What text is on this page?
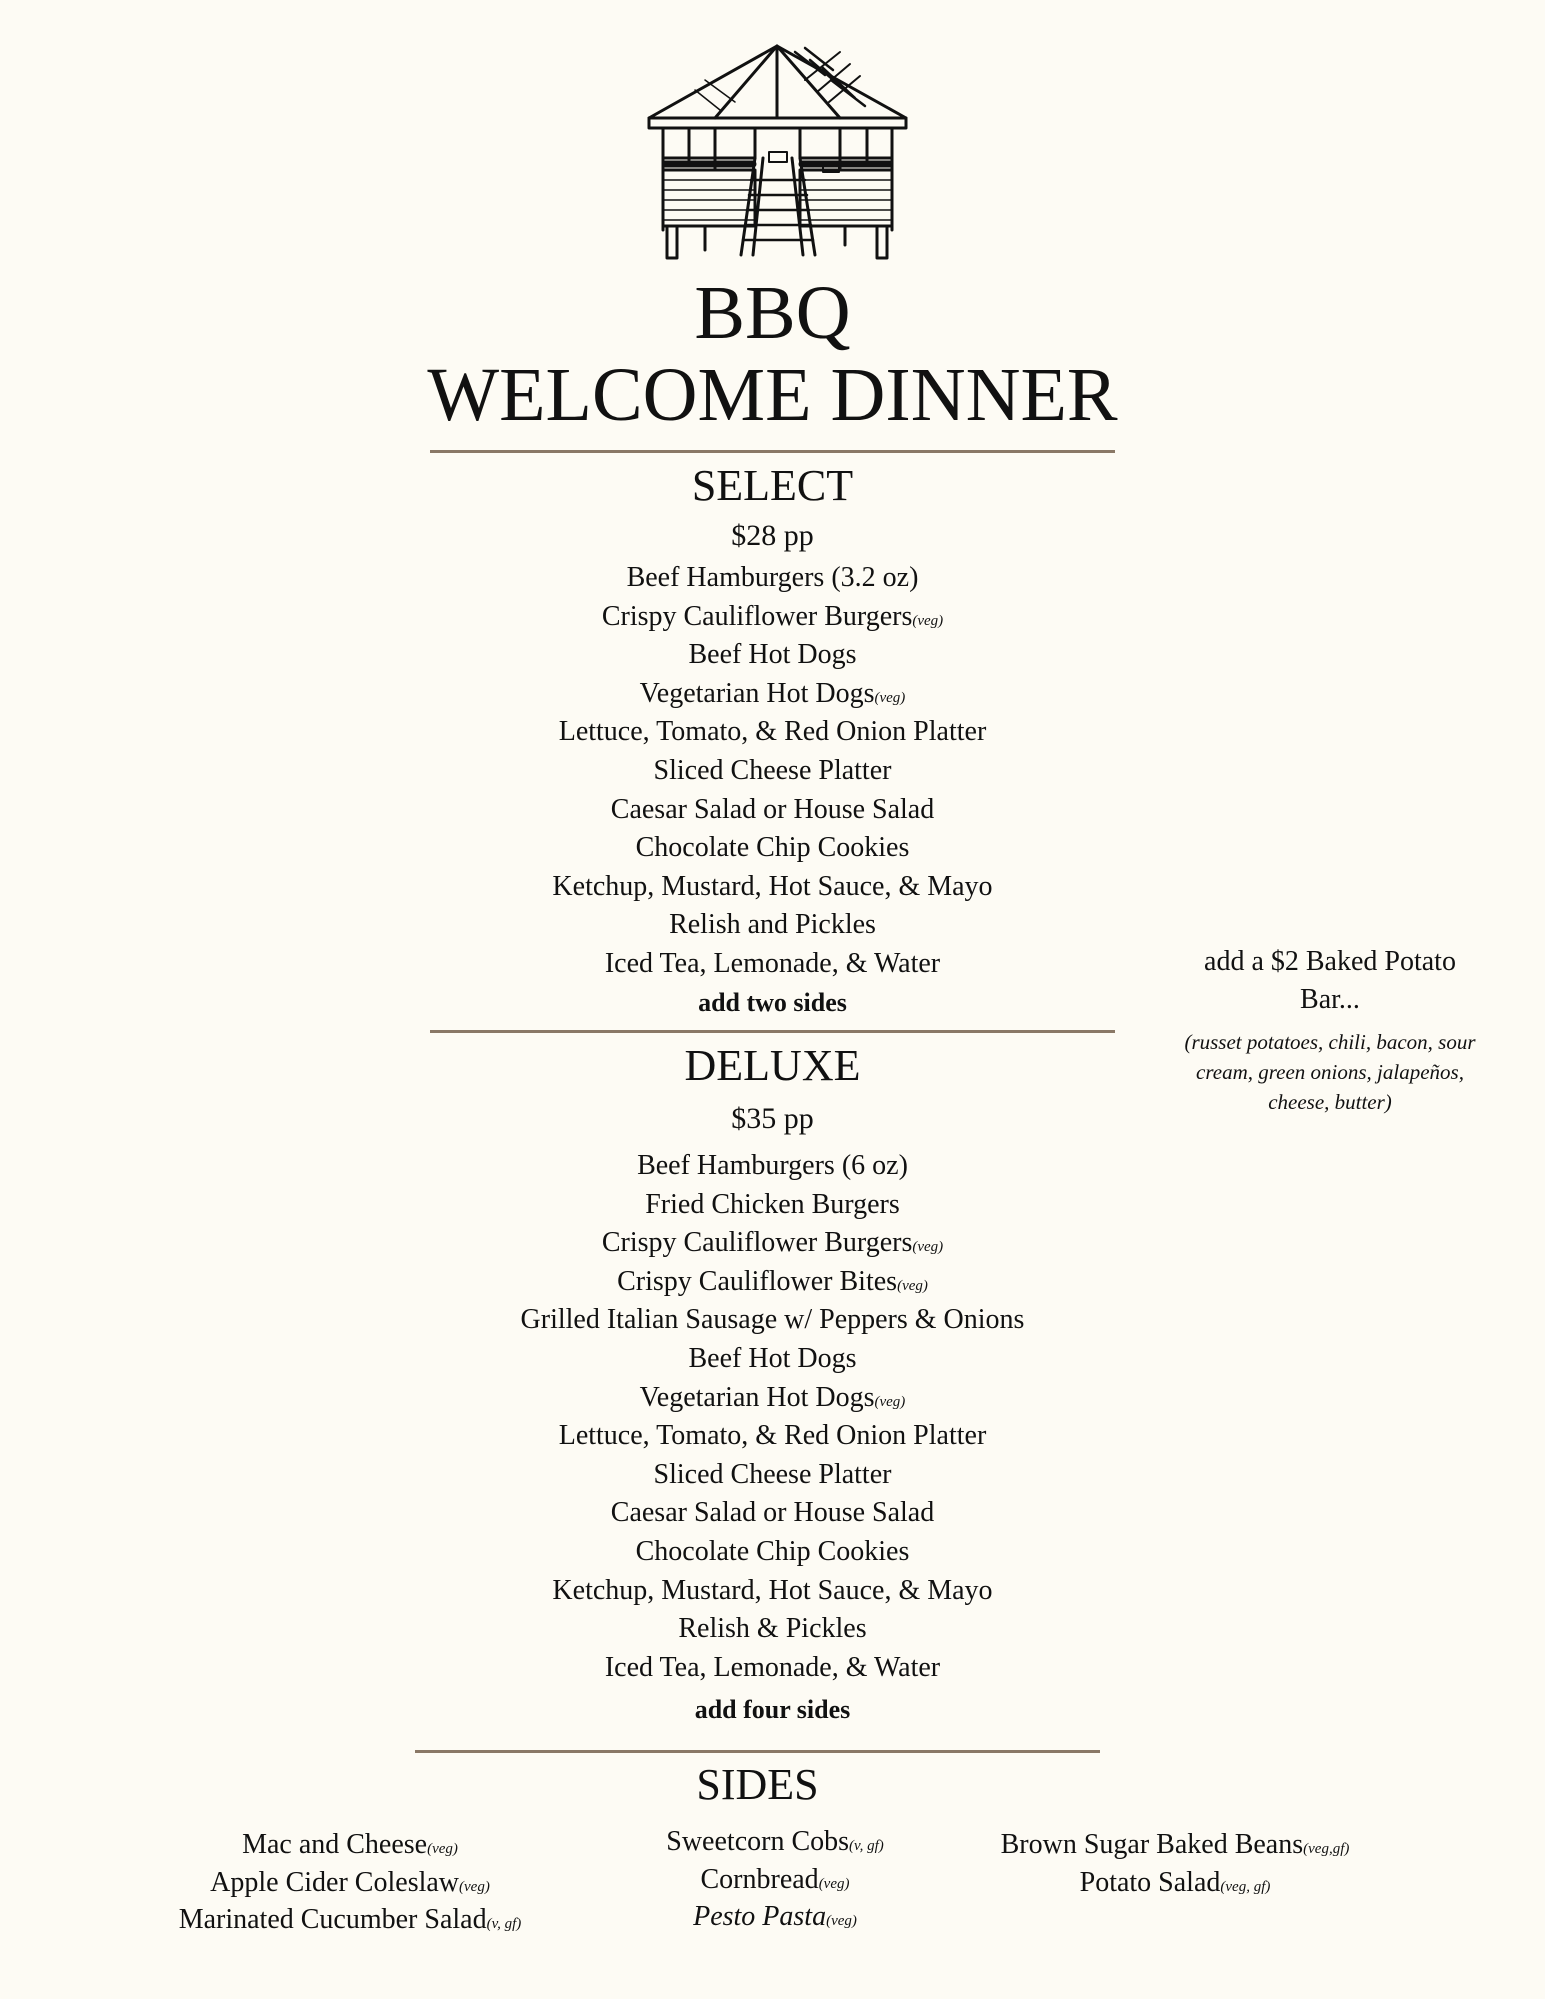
BBQ
WELCOME DINNER
SELECT
$28 pp
Beef Hamburgers (3.2 oz)
Crispy Cauliflower Burgers(veg)
Beef Hot Dogs
Vegetarian Hot Dogs(veg)
Lettuce, Tomato, & Red Onion Platter
Sliced Cheese Platter
Caesar Salad or House Salad
Chocolate Chip Cookies
Ketchup, Mustard, Hot Sauce, & Mayo
Relish and Pickles
Iced Tea, Lemonade, & Water
add two sides
DELUXE
$35 pp
Beef Hamburgers (6 oz)
Fried Chicken Burgers
Crispy Cauliflower Burgers(veg)
Crispy Cauliflower Bites(veg)
Grilled Italian Sausage w/ Peppers & Onions
Beef Hot Dogs
Vegetarian Hot Dogs(veg)
Lettuce, Tomato, & Red Onion Platter
Sliced Cheese Platter
Caesar Salad or House Salad
Chocolate Chip Cookies
Ketchup, Mustard, Hot Sauce, & Mayo
Relish & Pickles
Iced Tea, Lemonade, & Water
add four sides
add a $2 Baked Potato Bar...
(russet potatoes, chili, bacon, sour cream, green onions, jalapeños, cheese, butter)
SIDES
Mac and Cheese(veg)
Apple Cider Coleslaw(veg)
Marinated Cucumber Salad(v, gf)
Sweetcorn Cobs(v, gf)
Cornbread(veg)
Pesto Pasta(veg)
Brown Sugar Baked Beans(veg,gf)
Potato Salad(veg, gf)
